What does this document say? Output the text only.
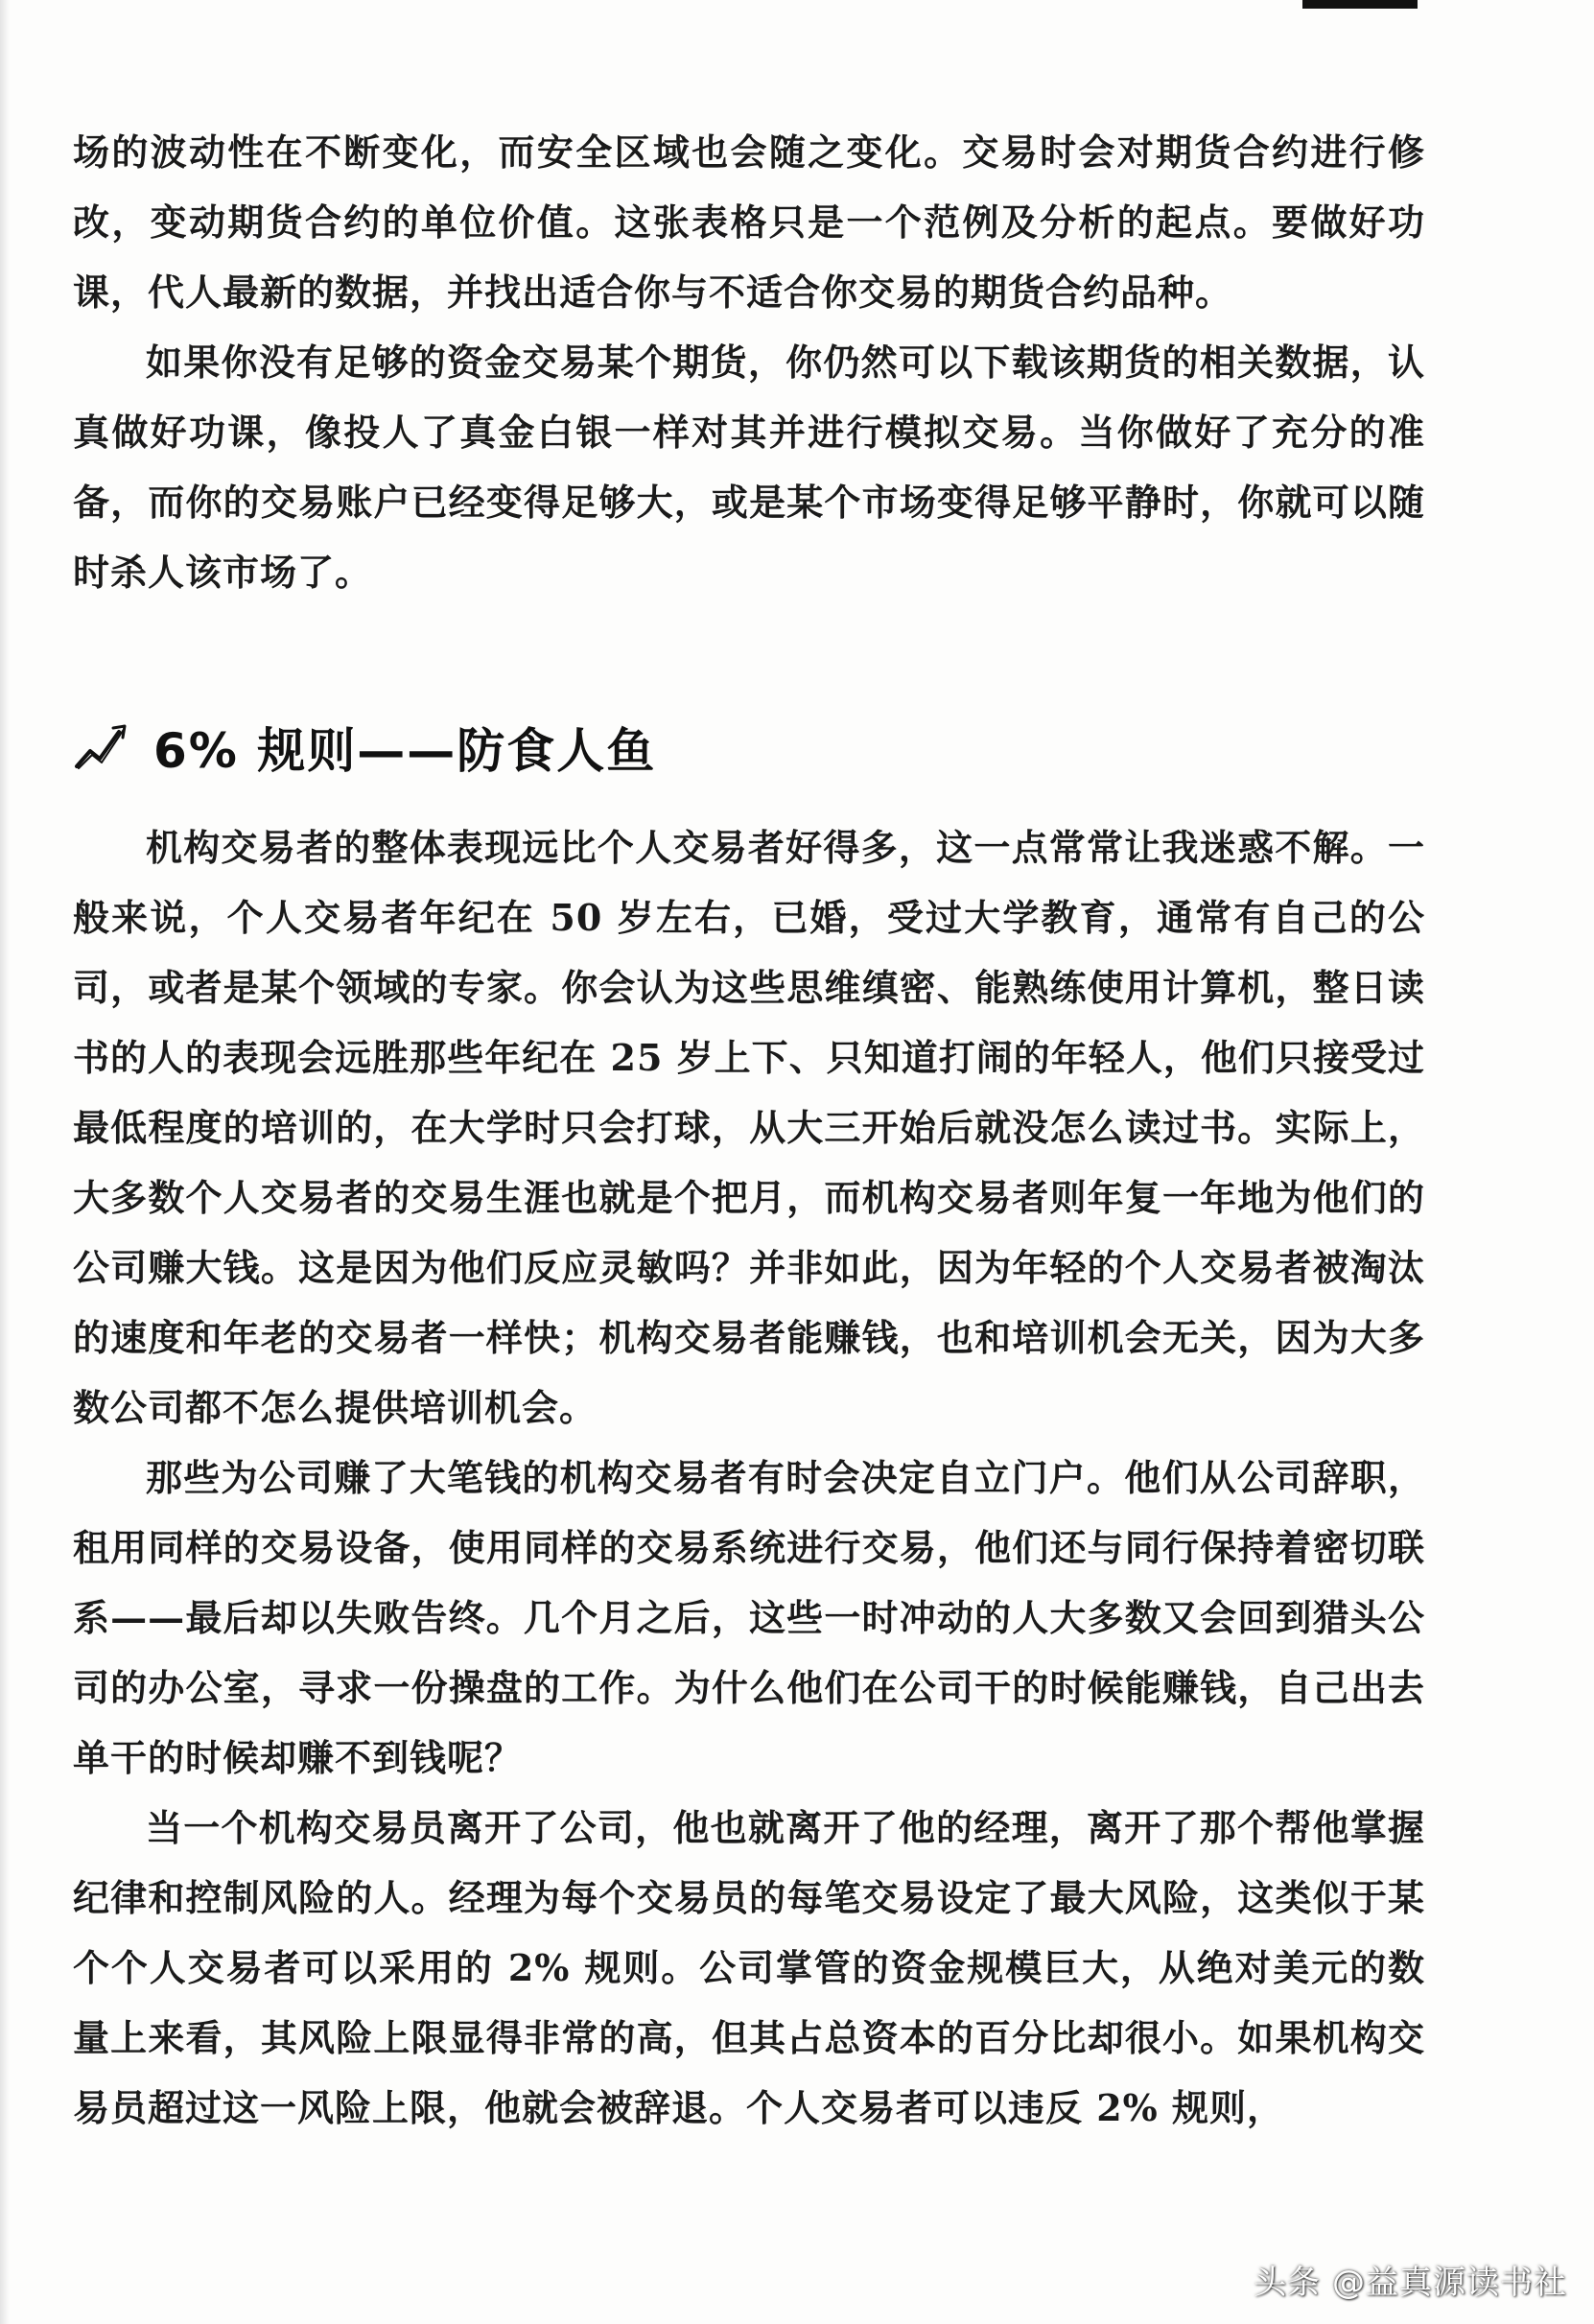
场的波动性在不断变化，而安全区域也会随之变化。交易时会对期货合约进行修改，变动期货合约的单位价值。这张表格只是一个范例及分析的起点。要做好功课，代人最新的数据，并找出适合你与不适合你交易的期货合约品种。

如果你没有足够的资金交易某个期货，你仍然可以下载该期货的相关数据，认真做好功课，像投人了真金白银一样对其并进行模拟交易。当你做好了充分的准备，而你的交易账户已经变得足够大，或是某个市场变得足够平静时，你就可以随时杀人该市场了。

6% 规则——防食人鱼

机构交易者的整体表现远比个人交易者好得多，这一点常常让我迷惑不解。一般来说，个人交易者年纪在 50 岁左右，已婚，受过大学教育，通常有自己的公司，或者是某个领域的专家。你会认为这些思维缜密、能熟练使用计算机，整日读书的人的表现会远胜那些年纪在 25 岁上下、只知道打闹的年轻人，他们只接受过最低程度的培训的，在大学时只会打球，从大三开始后就没怎么读过书。实际上，大多数个人交易者的交易生涯也就是个把月，而机构交易者则年复一年地为他们的公司赚大钱。这是因为他们反应灵敏吗？并非如此，因为年轻的个人交易者被淘汰的速度和年老的交易者一样快；机构交易者能赚钱，也和培训机会无关，因为大多数公司都不怎么提供培训机会。

那些为公司赚了大笔钱的机构交易者有时会决定自立门户。他们从公司辞职，租用同样的交易设备，使用同样的交易系统进行交易，他们还与同行保持着密切联系——最后却以失败告终。几个月之后，这些一时冲动的人大多数又会回到猎头公司的办公室，寻求一份操盘的工作。为什么他们在公司干的时候能赚钱，自己出去单干的时候却赚不到钱呢？

当一个机构交易员离开了公司，他也就离开了他的经理，离开了那个帮他掌握纪律和控制风险的人。经理为每个交易员的每笔交易设定了最大风险，这类似于某个个人交易者可以采用的 2% 规则。公司掌管的资金规模巨大，从绝对美元的数量上来看，其风险上限显得非常的高，但其占总资本的百分比却很小。如果机构交易员超过这一风险上限，他就会被辞退。个人交易者可以违反 2% 规则，

头条 @益真源读书社
